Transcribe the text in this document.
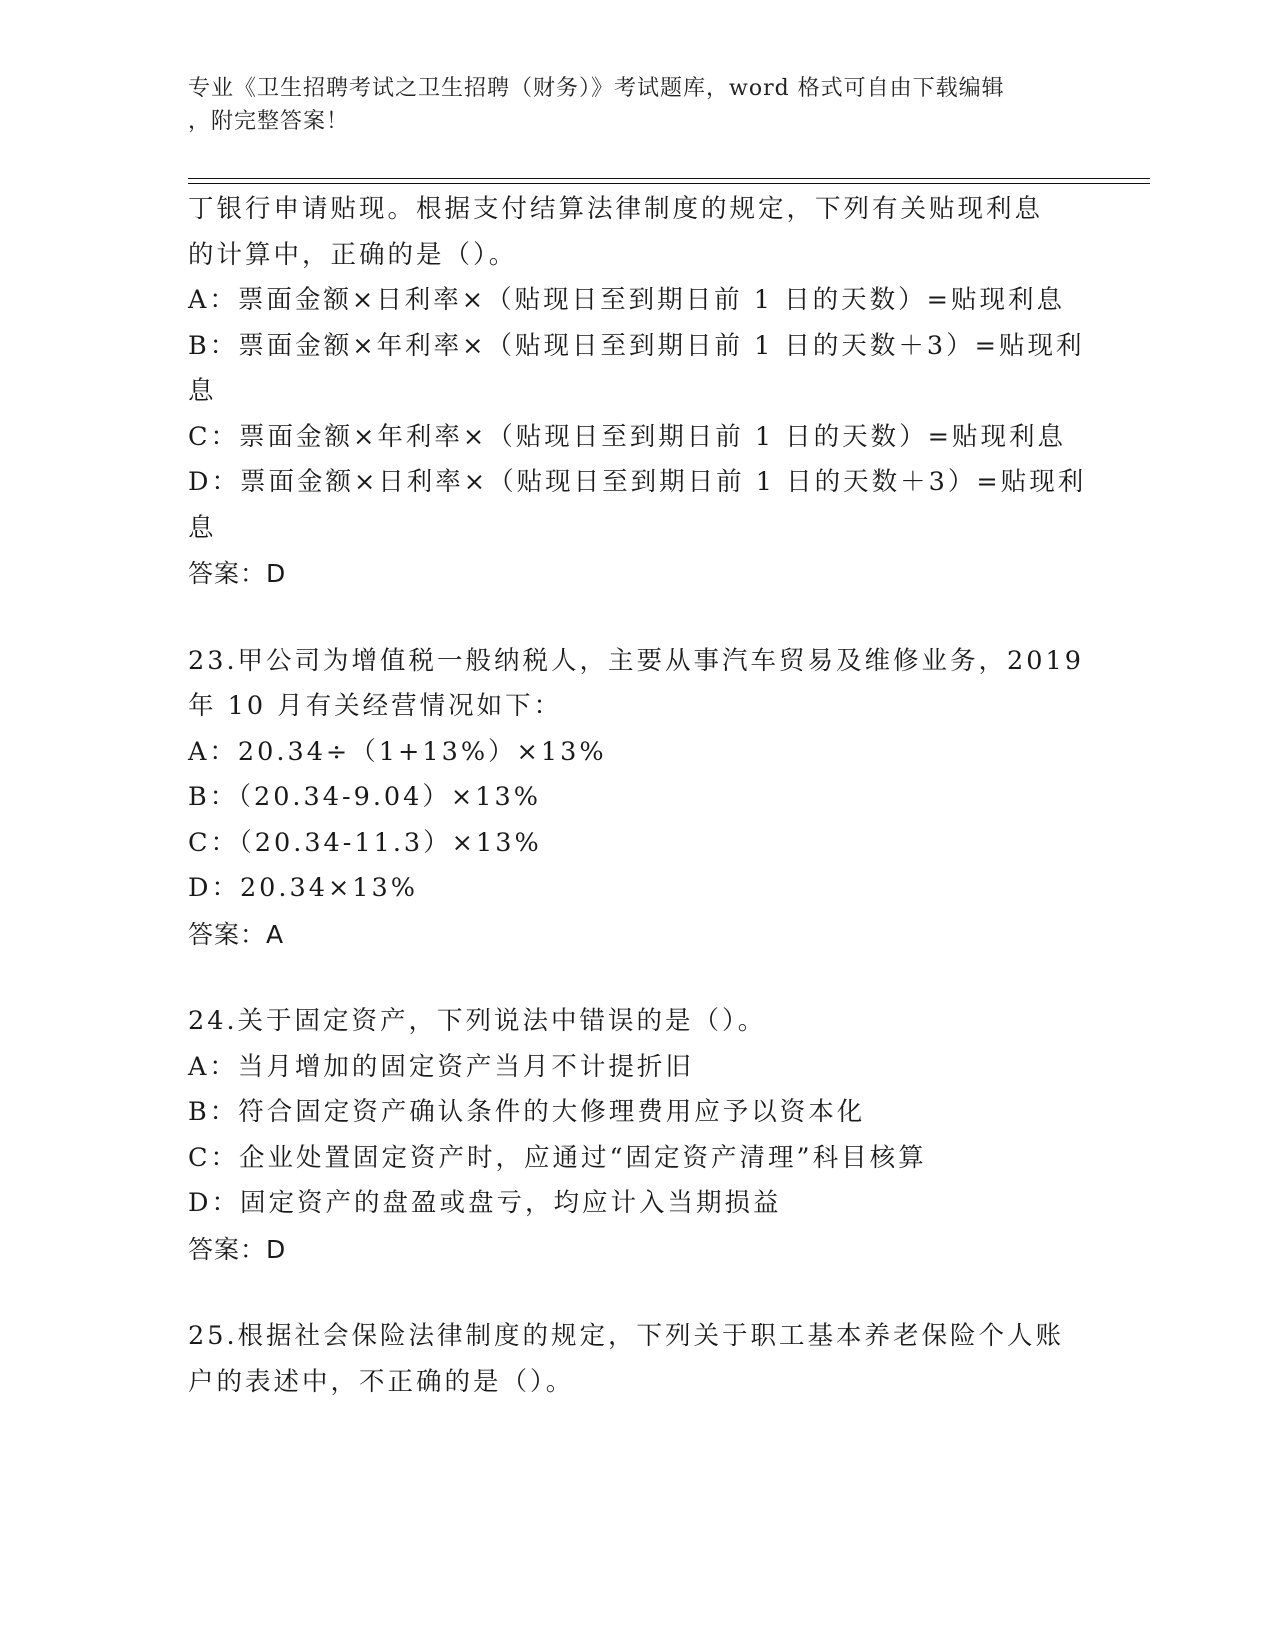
专业《卫生招聘考试之卫生招聘（财务）》考试题库，word 格式可自由下载编辑
，附完整答案！
丁银行申请贴现。根据支付结算法律制度的规定，下列有关贴现利息
的计算中，正确的是（）。
A：票面金额×日利率×（贴现日至到期日前 1 日的天数）=贴现利息
B：票面金额×年利率×（贴现日至到期日前 1 日的天数＋3）=贴现利
息
C：票面金额×年利率×（贴现日至到期日前 1 日的天数）=贴现利息
D：票面金额×日利率×（贴现日至到期日前 1 日的天数＋3）=贴现利
息
答案：D
23.甲公司为增值税一般纳税人，主要从事汽车贸易及维修业务，2019
年 10 月有关经营情况如下：
A：20.34÷（1+13%）×13%
B：（20.34-9.04）×13%
C：（20.34-11.3）×13%
D：20.34×13%
答案：A
24.关于固定资产，下列说法中错误的是（）。
A：当月增加的固定资产当月不计提折旧
B：符合固定资产确认条件的大修理费用应予以资本化
C：企业处置固定资产时，应通过“固定资产清理”科目核算
D：固定资产的盘盈或盘亏，均应计入当期损益
答案：D
25.根据社会保险法律制度的规定，下列关于职工基本养老保险个人账
户的表述中，不正确的是（）。
